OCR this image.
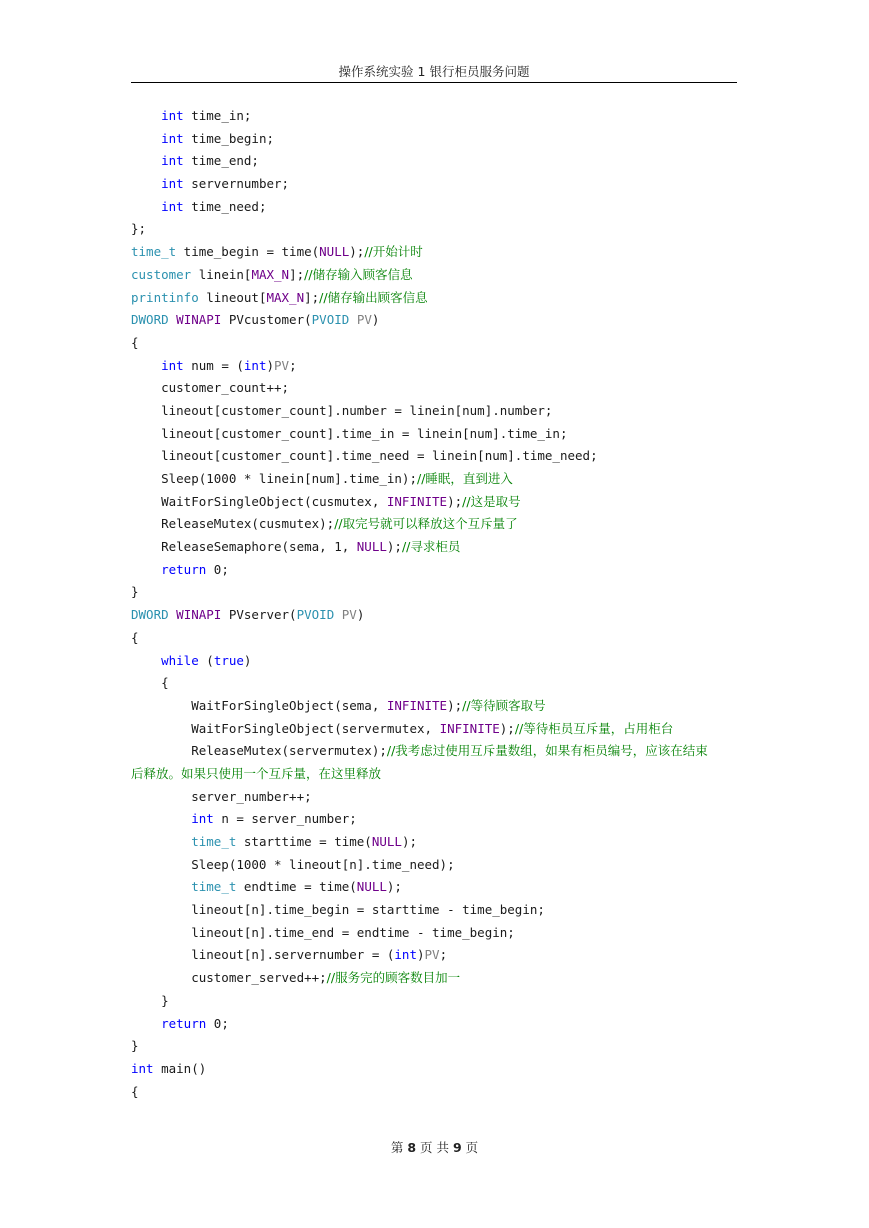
操作系统实验 1 银行柜员服务问题
int time_in;
int time_begin;
int time_end;
int servernumber;
int time_need;
};
time_t time_begin = time(NULL);//开始计时
customer linein[MAX_N];//储存输入顾客信息
printinfo lineout[MAX_N];//储存输出顾客信息
DWORD WINAPI PVcustomer(PVOID PV)
{
int num = (int)PV;
customer_count++;
lineout[customer_count].number = linein[num].number;
lineout[customer_count].time_in = linein[num].time_in;
lineout[customer_count].time_need = linein[num].time_need;
Sleep(1000 * linein[num].time_in);//睡眠，直到进入
WaitForSingleObject(cusmutex, INFINITE);//这是取号
ReleaseMutex(cusmutex);//取完号就可以释放这个互斥量了
ReleaseSemaphore(sema, 1, NULL);//寻求柜员
return 0;
}
DWORD WINAPI PVserver(PVOID PV)
{
while (true)
{
WaitForSingleObject(sema, INFINITE);//等待顾客取号
WaitForSingleObject(servermutex, INFINITE);//等待柜员互斥量，占用柜台
ReleaseMutex(servermutex);//我考虑过使用互斥量数组，如果有柜员编号，应该在结束
后释放。如果只使用一个互斥量，在这里释放
server_number++;
int n = server_number;
time_t starttime = time(NULL);
Sleep(1000 * lineout[n].time_need);
time_t endtime = time(NULL);
lineout[n].time_begin = starttime - time_begin;
lineout[n].time_end = endtime - time_begin;
lineout[n].servernumber = (int)PV;
customer_served++;//服务完的顾客数目加一
}
return 0;
}
int main()
{
第 8 页 共 9 页
